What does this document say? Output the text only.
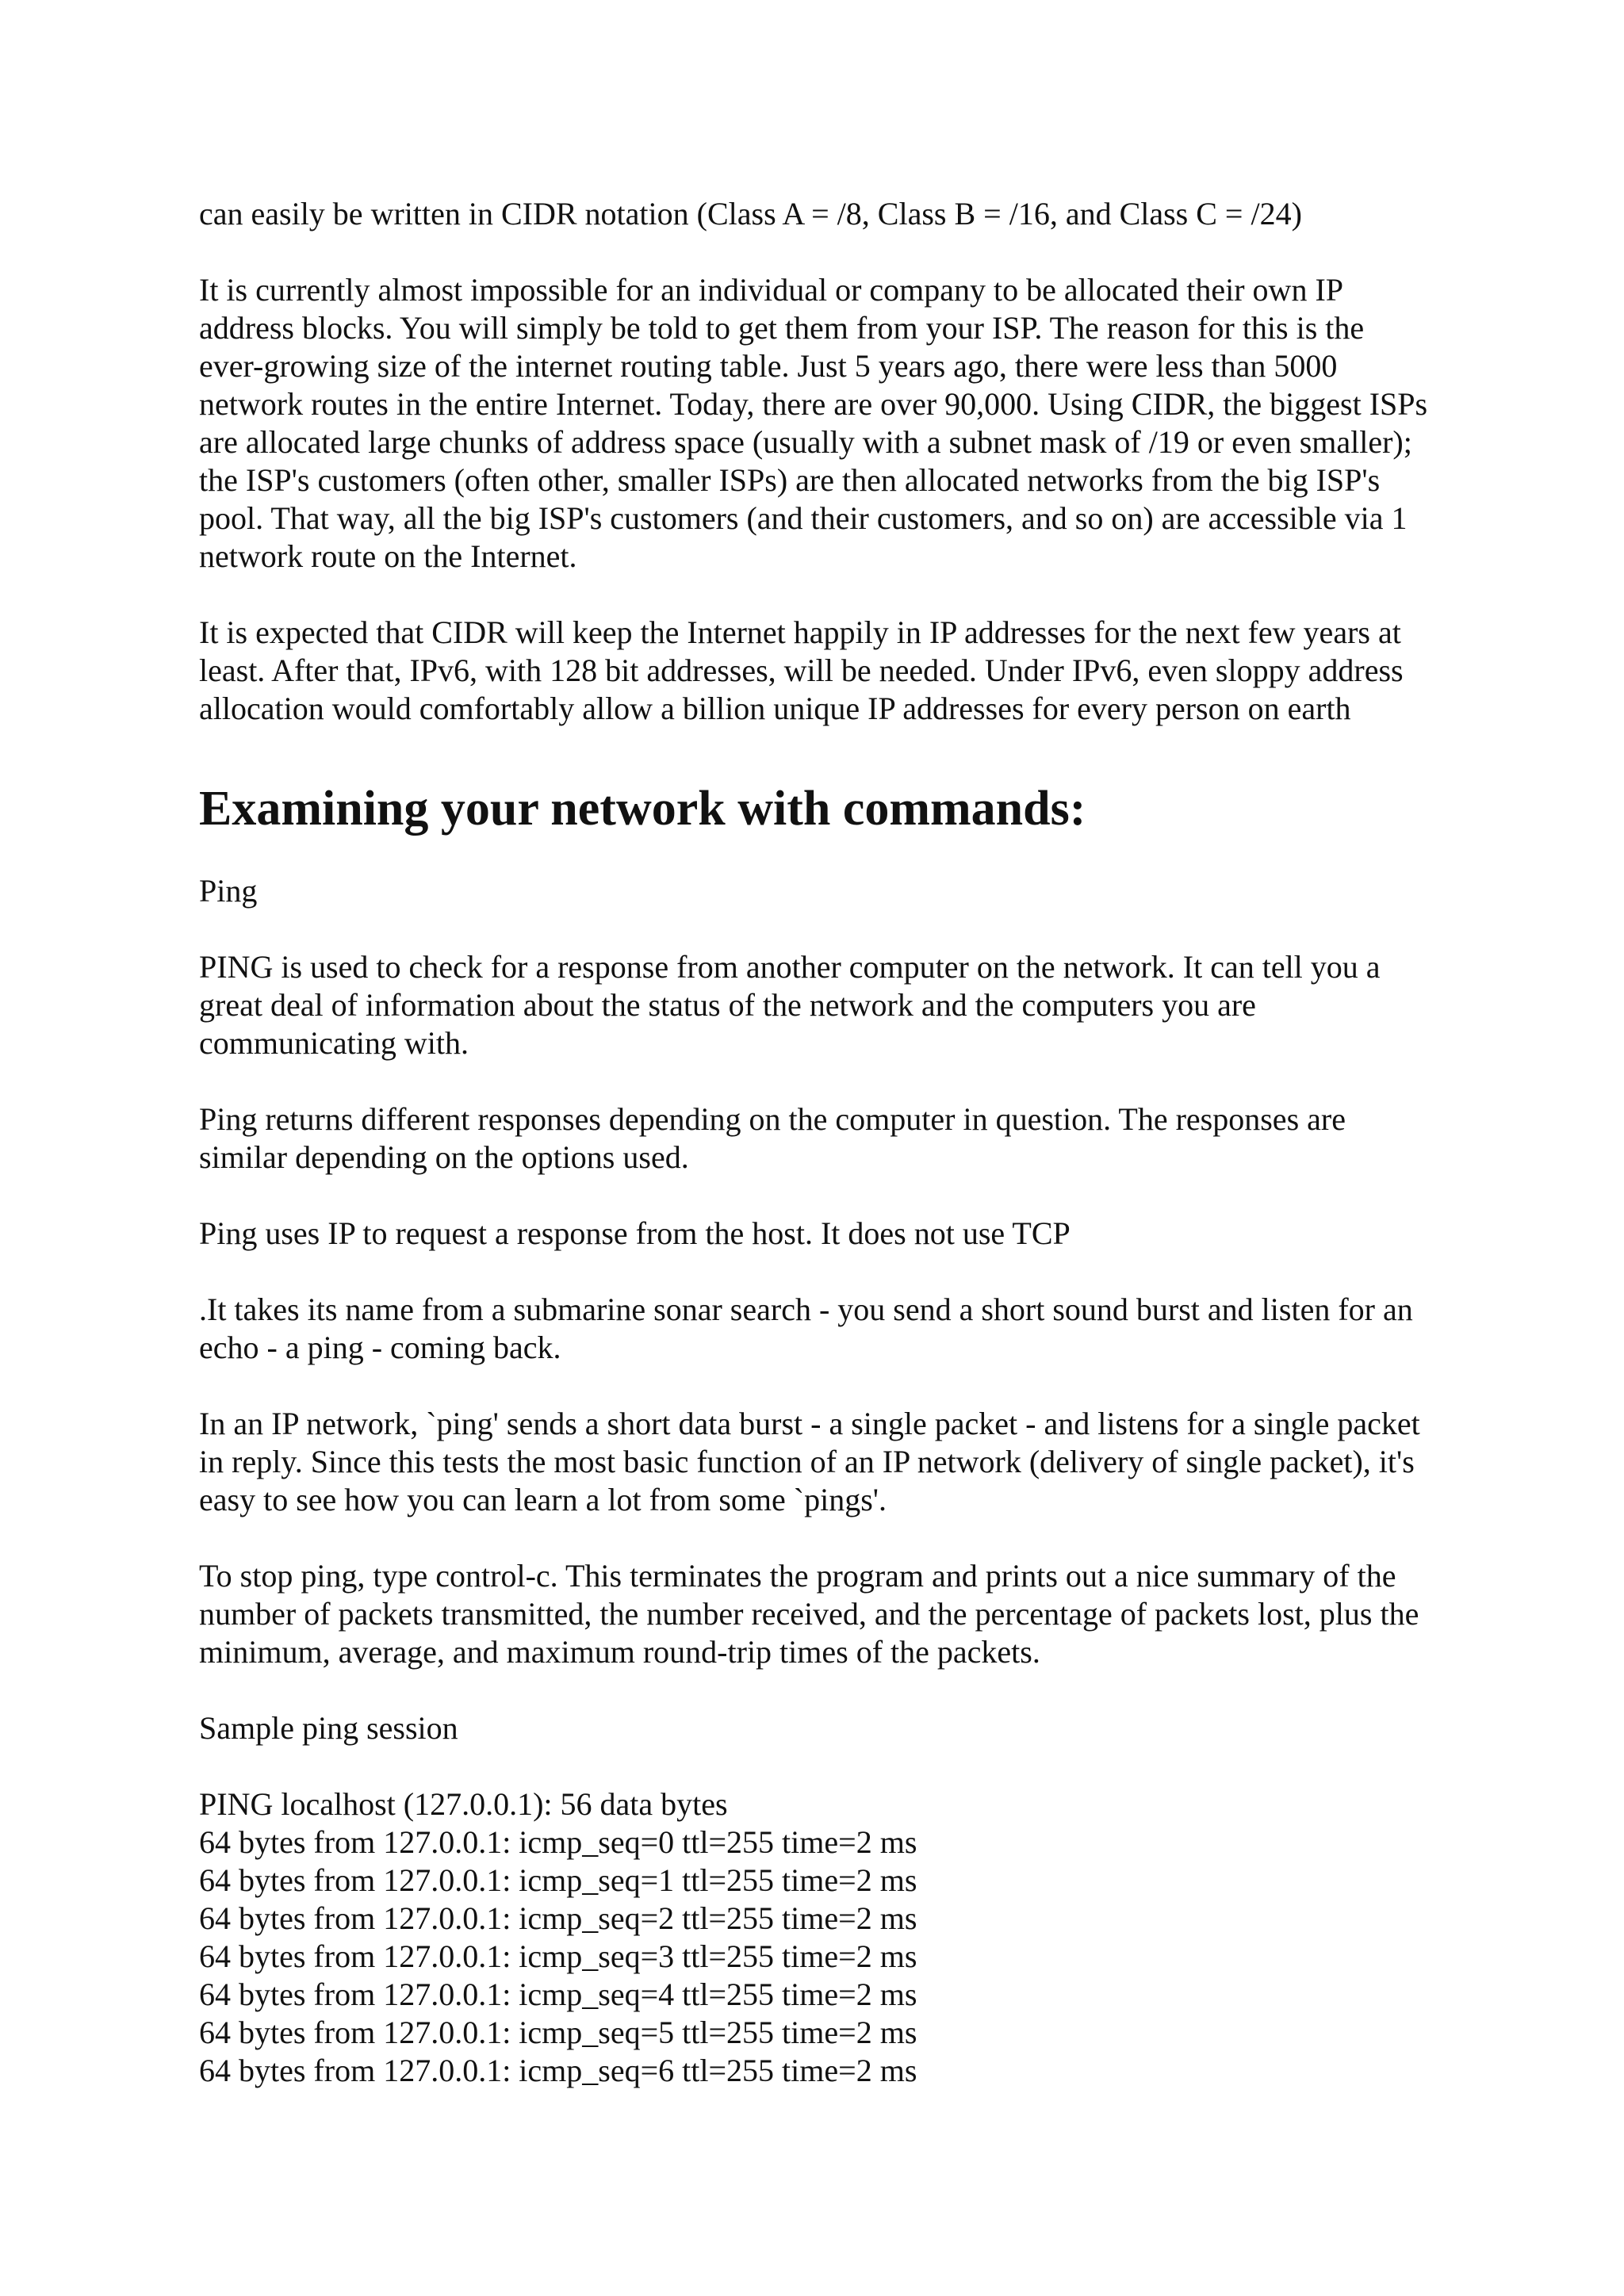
can easily be written in CIDR notation (Class A = /8, Class B = /16, and Class C = /24)

It is currently almost impossible for an individual or company to be allocated their own IP address blocks. You will simply be told to get them from your ISP. The reason for this is the ever-growing size of the internet routing table. Just 5 years ago, there were less than 5000 network routes in the entire Internet. Today, there are over 90,000. Using CIDR, the biggest ISPs are allocated large chunks of address space (usually with a subnet mask of /19 or even smaller); the ISP's customers (often other, smaller ISPs) are then allocated networks from the big ISP's pool. That way, all the big ISP's customers (and their customers, and so on) are accessible via 1 network route on the Internet.

It is expected that CIDR will keep the Internet happily in IP addresses for the next few years at least. After that, IPv6, with 128 bit addresses, will be needed. Under IPv6, even sloppy address allocation would comfortably allow a billion unique IP addresses for every person on earth

Examining your network with commands:

Ping

PING is used to check for a response from another computer on the network. It can tell you a great deal of information about the status of the network and the computers you are communicating with.

Ping returns different responses depending on the computer in question. The responses are similar depending on the options used.

Ping uses IP to request a response from the host. It does not use TCP

.It takes its name from a submarine sonar search - you send a short sound burst and listen for an echo - a ping - coming back.

In an IP network, `ping' sends a short data burst - a single packet - and listens for a single packet in reply. Since this tests the most basic function of an IP network (delivery of single packet), it's easy to see how you can learn a lot from some `pings'.

To stop ping, type control-c. This terminates the program and prints out a nice summary of the number of packets transmitted, the number received, and the percentage of packets lost, plus the minimum, average, and maximum round-trip times of the packets.

Sample ping session

PING localhost (127.0.0.1): 56 data bytes
64 bytes from 127.0.0.1: icmp_seq=0 ttl=255 time=2 ms
64 bytes from 127.0.0.1: icmp_seq=1 ttl=255 time=2 ms
64 bytes from 127.0.0.1: icmp_seq=2 ttl=255 time=2 ms
64 bytes from 127.0.0.1: icmp_seq=3 ttl=255 time=2 ms
64 bytes from 127.0.0.1: icmp_seq=4 ttl=255 time=2 ms
64 bytes from 127.0.0.1: icmp_seq=5 ttl=255 time=2 ms
64 bytes from 127.0.0.1: icmp_seq=6 ttl=255 time=2 ms
